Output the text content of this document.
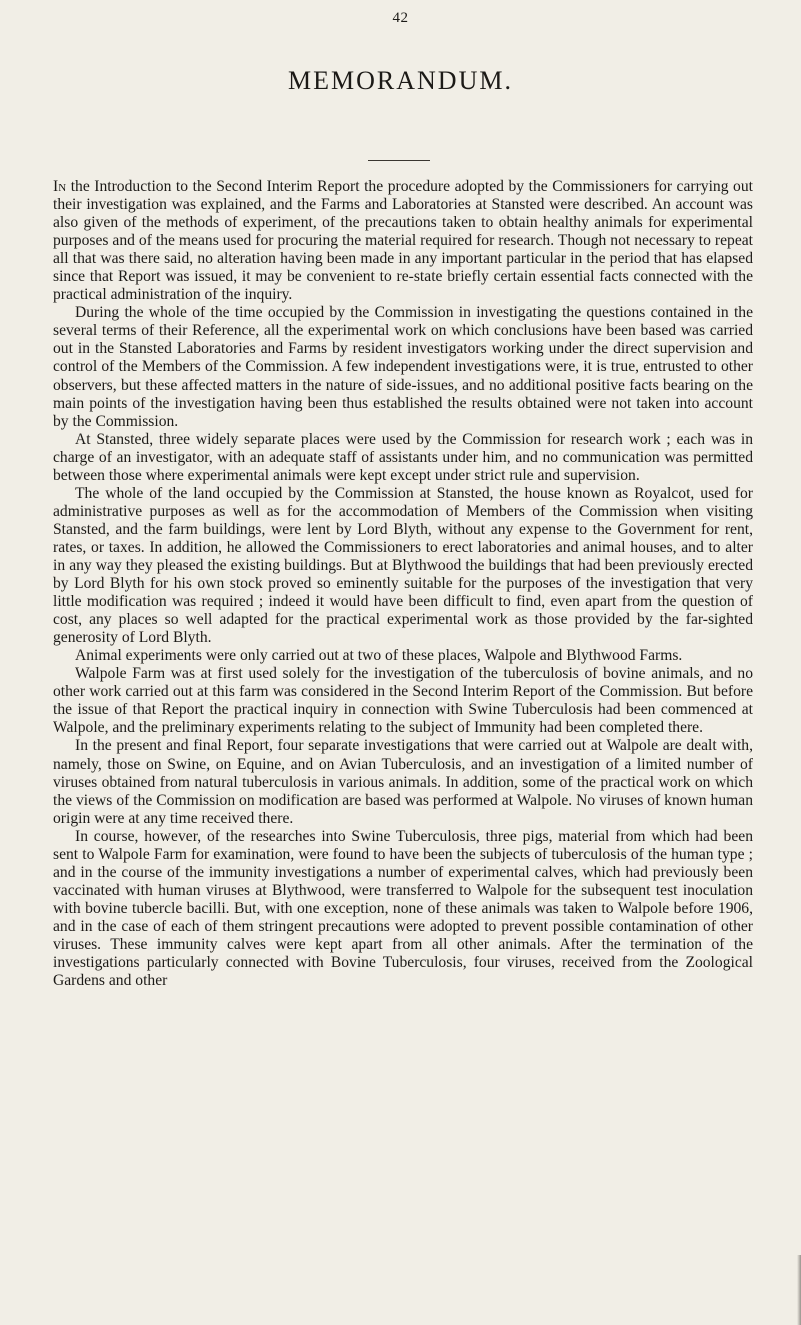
42
MEMORANDUM.

In the Introduction to the Second Interim Report the procedure adopted by the Commissioners for carrying out their investigation was explained, and the Farms and Laboratories at Stansted were described. An account was also given of the methods of experiment, of the precautions taken to obtain healthy animals for experimental purposes and of the means used for procuring the material required for research. Though not necessary to repeat all that was there said, no alteration having been made in any important particular in the period that has elapsed since that Report was issued, it may be convenient to re-state briefly certain essential facts connected with the practical administration of the inquiry.

During the whole of the time occupied by the Commission in investigating the questions contained in the several terms of their Reference, all the experimental work on which conclusions have been based was carried out in the Stansted Laboratories and Farms by resident investigators working under the direct supervision and control of the Members of the Commission. A few independent investigations were, it is true, entrusted to other observers, but these affected matters in the nature of side-issues, and no additional positive facts bearing on the main points of the investigation having been thus established the results obtained were not taken into account by the Commission.

At Stansted, three widely separate places were used by the Commission for research work ; each was in charge of an investigator, with an adequate staff of assistants under him, and no communication was permitted between those where experimental animals were kept except under strict rule and supervision.

The whole of the land occupied by the Commission at Stansted, the house known as Royalcot, used for administrative purposes as well as for the accommodation of Members of the Commission when visiting Stansted, and the farm buildings, were lent by Lord Blyth, without any expense to the Government for rent, rates, or taxes. In addition, he allowed the Commissioners to erect laboratories and animal houses, and to alter in any way they pleased the existing buildings. But at Blythwood the buildings that had been previously erected by Lord Blyth for his own stock proved so eminently suitable for the purposes of the investigation that very little modification was required ; indeed it would have been difficult to find, even apart from the question of cost, any places so well adapted for the practical experimental work as those provided by the far-sighted generosity of Lord Blyth.

Animal experiments were only carried out at two of these places, Walpole and Blythwood Farms.

Walpole Farm was at first used solely for the investigation of the tuberculosis of bovine animals, and no other work carried out at this farm was considered in the Second Interim Report of the Commission. But before the issue of that Report the practical inquiry in connection with Swine Tuberculosis had been commenced at Walpole, and the preliminary experiments relating to the subject of Immunity had been completed there.

In the present and final Report, four separate investigations that were carried out at Walpole are dealt with, namely, those on Swine, on Equine, and on Avian Tuberculosis, and an investigation of a limited number of viruses obtained from natural tuberculosis in various animals. In addition, some of the practical work on which the views of the Commission on modification are based was performed at Walpole. No viruses of known human origin were at any time received there.

In course, however, of the researches into Swine Tuberculosis, three pigs, material from which had been sent to Walpole Farm for examination, were found to have been the subjects of tuberculosis of the human type ; and in the course of the immunity investigations a number of experimental calves, which had previously been vaccinated with human viruses at Blythwood, were transferred to Walpole for the subsequent test inoculation with bovine tubercle bacilli. But, with one exception, none of these animals was taken to Walpole before 1906, and in the case of each of them stringent precautions were adopted to prevent possible contamination of other viruses. These immunity calves were kept apart from all other animals. After the termination of the investigations particularly connected with Bovine Tuberculosis, four viruses, received from the Zoological Gardens and other
